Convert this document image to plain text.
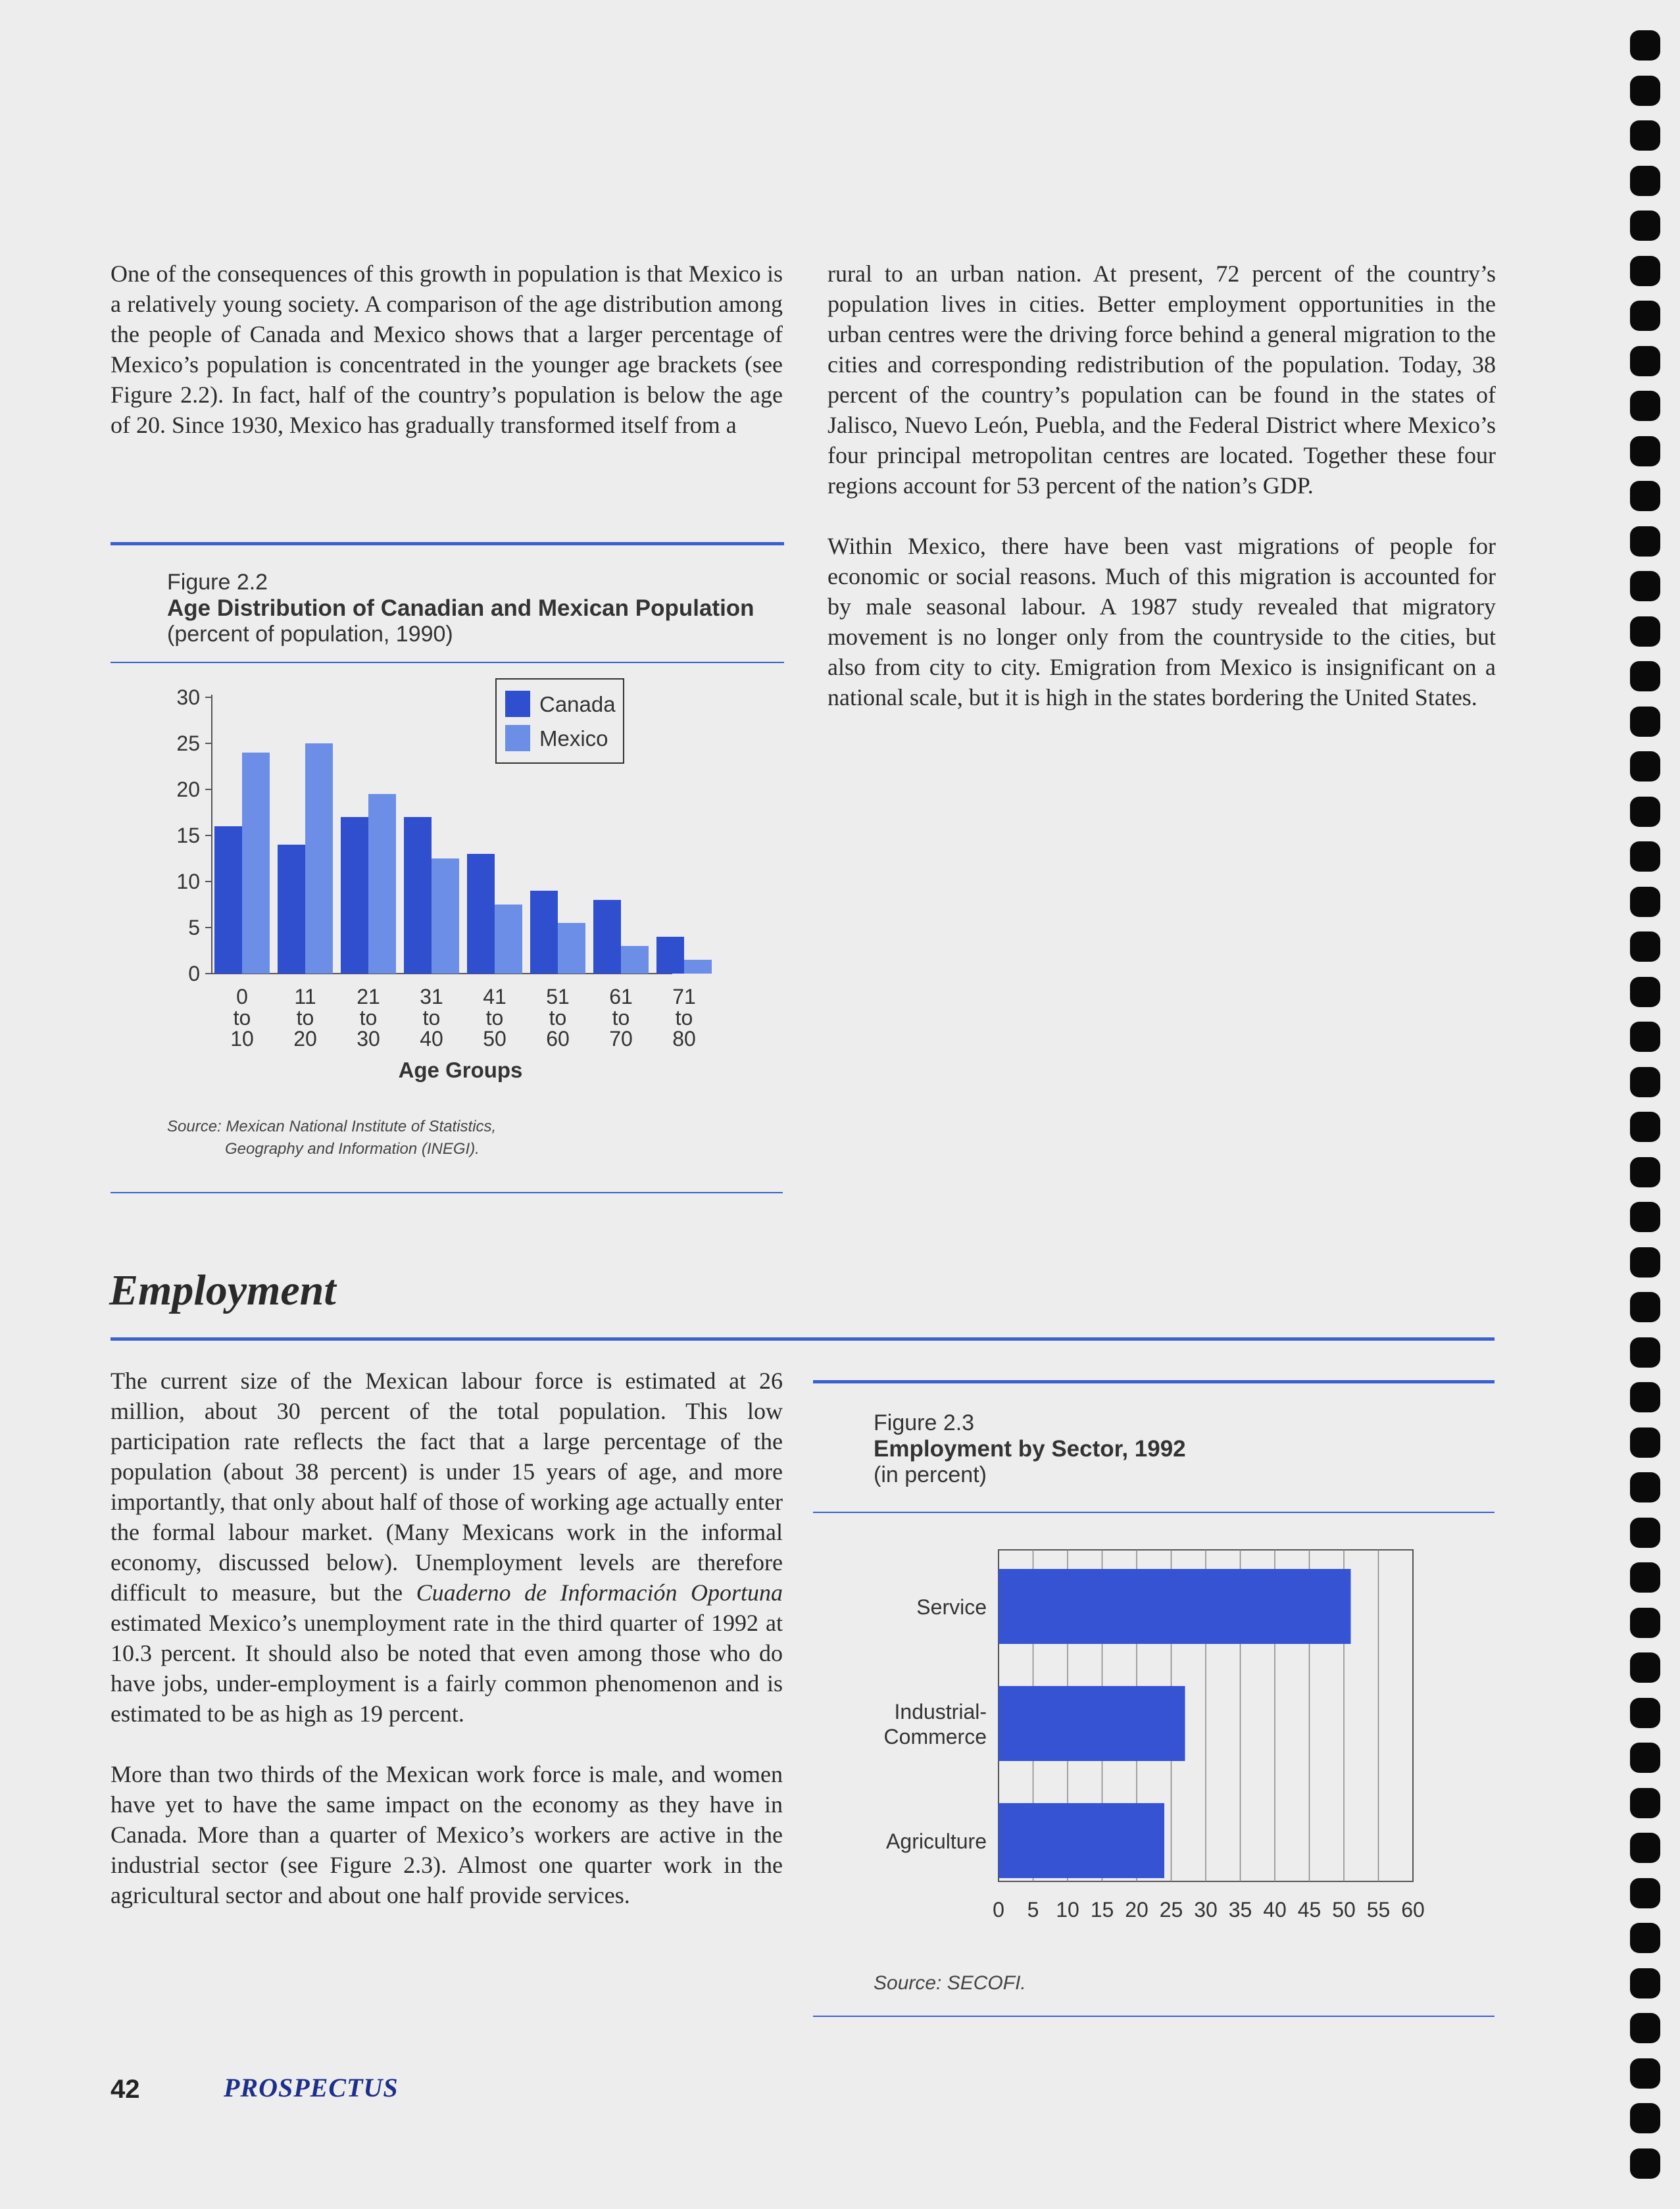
One of the consequences of this growth in population is that Mexico is a relatively young society. A comparison of the age distribution among the people of Canada and Mexico shows that a larger percentage of Mexico’s population is concentrated in the younger age brackets (see Figure 2.2). In fact, half of the country’s population is below the age of 20. Since 1930, Mexico has gradually transformed itself from a
rural to an urban nation. At present, 72 percent of the country’s population lives in cities. Better employment opportunities in the urban centres were the driving force behind a general migration to the cities and corresponding redistribution of the population. Today, 38 percent of the country’s population can be found in the states of Jalisco, Nuevo León, Puebla, and the Federal District where Mexico’s four principal metropolitan centres are located. Together these four regions account for 53 percent of the nation’s GDP.
Within Mexico, there have been vast migrations of people for economic or social reasons. Much of this migration is accounted for by male seasonal labour. A 1987 study revealed that migratory movement is no longer only from the countryside to the cities, but also from city to city. Emigration from Mexico is insignificant on a national scale, but it is high in the states bordering the United States.
Figure 2.2
Age Distribution of Canadian and Mexican Population
(percent of population, 1990)
0
5
10
15
20
25
30
0
to
10
11
to
20
21
to
30
31
to
40
41
to
50
51
to
60
61
to
70
71
to
80
Age Groups
Canada
Mexico
Source: Mexican National Institute of Statistics,
Geography and Information (INEGI).
Employment
The current size of the Mexican labour force is estimated at 26 million, about 30 percent of the total population. This low participation rate reflects the fact that a large percentage of the population (about 38 percent) is under 15 years of age, and more importantly, that only about half of those of working age actually enter the formal labour market. (Many Mexicans work in the informal economy, discussed below). Unemployment levels are therefore difficult to measure, but the Cuaderno de Información Oportuna estimated Mexico’s unemployment rate in the third quarter of 1992 at 10.3 percent. It should also be noted that even among those who do have jobs, under-employment is a fairly common phenomenon and is estimated to be as high as 19 percent.
More than two thirds of the Mexican work force is male, and women have yet to have the same impact on the economy as they have in Canada. More than a quarter of Mexico’s workers are active in the industrial sector (see Figure 2.3). Almost one quarter work in the agricultural sector and about one half provide services.
Figure 2.3
Employment by Sector, 1992
(in percent)
0 5 10 15 20 25 30 35 40 45 50 55 60
Service
Industrial-
Commerce
Agriculture
Source: SECOFI.
42	PROSPECTUS
